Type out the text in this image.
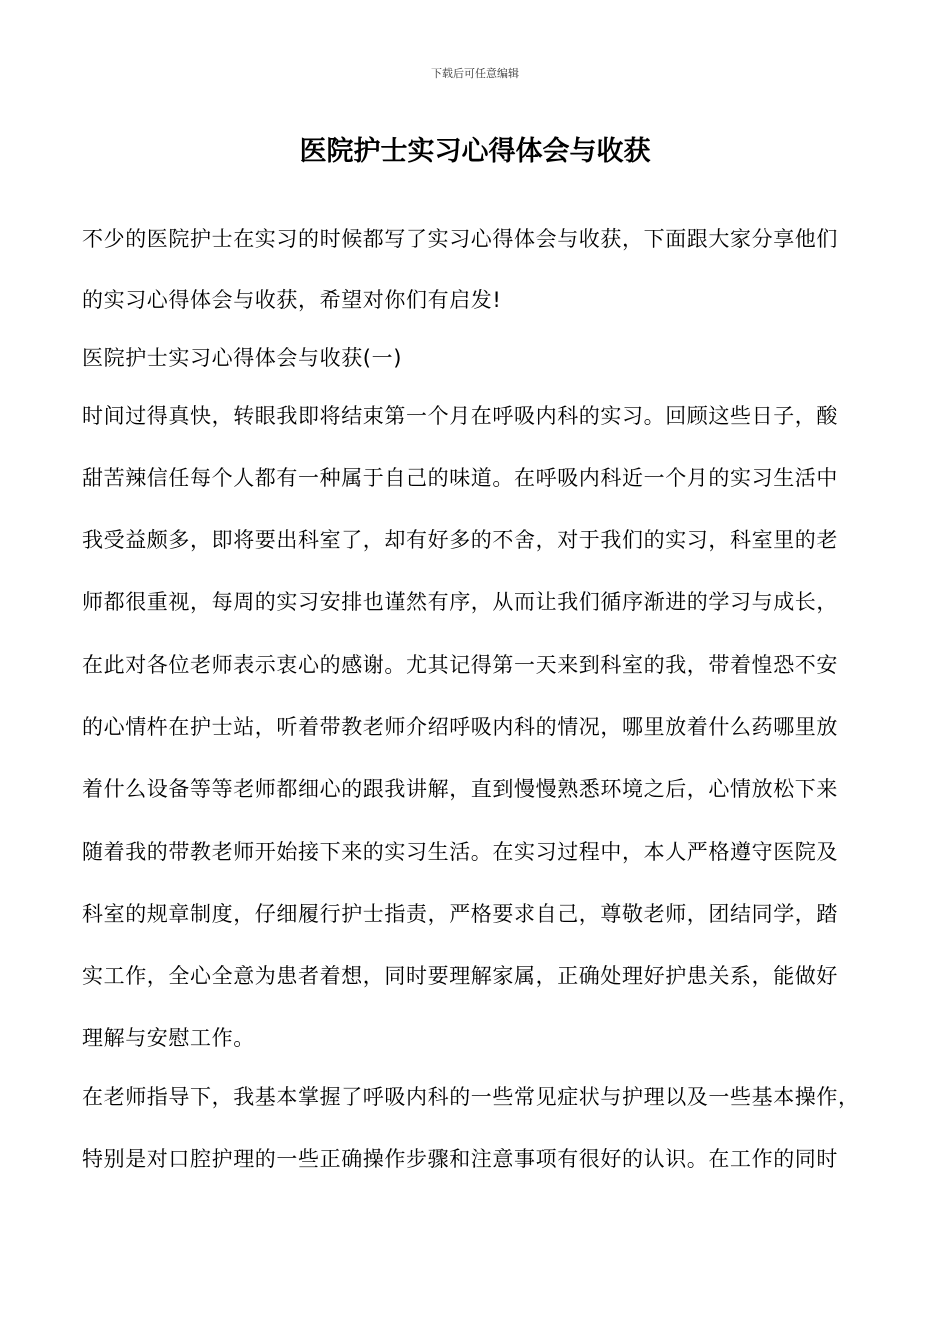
下载后可任意编辑
医院护士实习心得体会与收获
不少的医院护士在实习的时候都写了实习心得体会与收获，下面跟大家分享他们
的实习心得体会与收获，希望对你们有启发!
医院护士实习心得体会与收获(一)
时间过得真快，转眼我即将结束第一个月在呼吸内科的实习。回顾这些日子，酸
甜苦辣信任每个人都有一种属于自己的味道。在呼吸内科近一个月的实习生活中
我受益颇多，即将要出科室了，却有好多的不舍，对于我们的实习，科室里的老
师都很重视，每周的实习安排也谨然有序，从而让我们循序渐进的学习与成长，
在此对各位老师表示衷心的感谢。尤其记得第一天来到科室的我，带着惶恐不安
的心情杵在护士站，听着带教老师介绍呼吸内科的情况，哪里放着什么药哪里放
着什么设备等等老师都细心的跟我讲解，直到慢慢熟悉环境之后，心情放松下来
随着我的带教老师开始接下来的实习生活。在实习过程中，本人严格遵守医院及
科室的规章制度，仔细履行护士指责，严格要求自己，尊敬老师，团结同学，踏
实工作，全心全意为患者着想，同时要理解家属，正确处理好护患关系，能做好
理解与安慰工作。
在老师指导下，我基本掌握了呼吸内科的一些常见症状与护理以及一些基本操作，
特别是对口腔护理的一些正确操作步骤和注意事项有很好的认识。在工作的同时
